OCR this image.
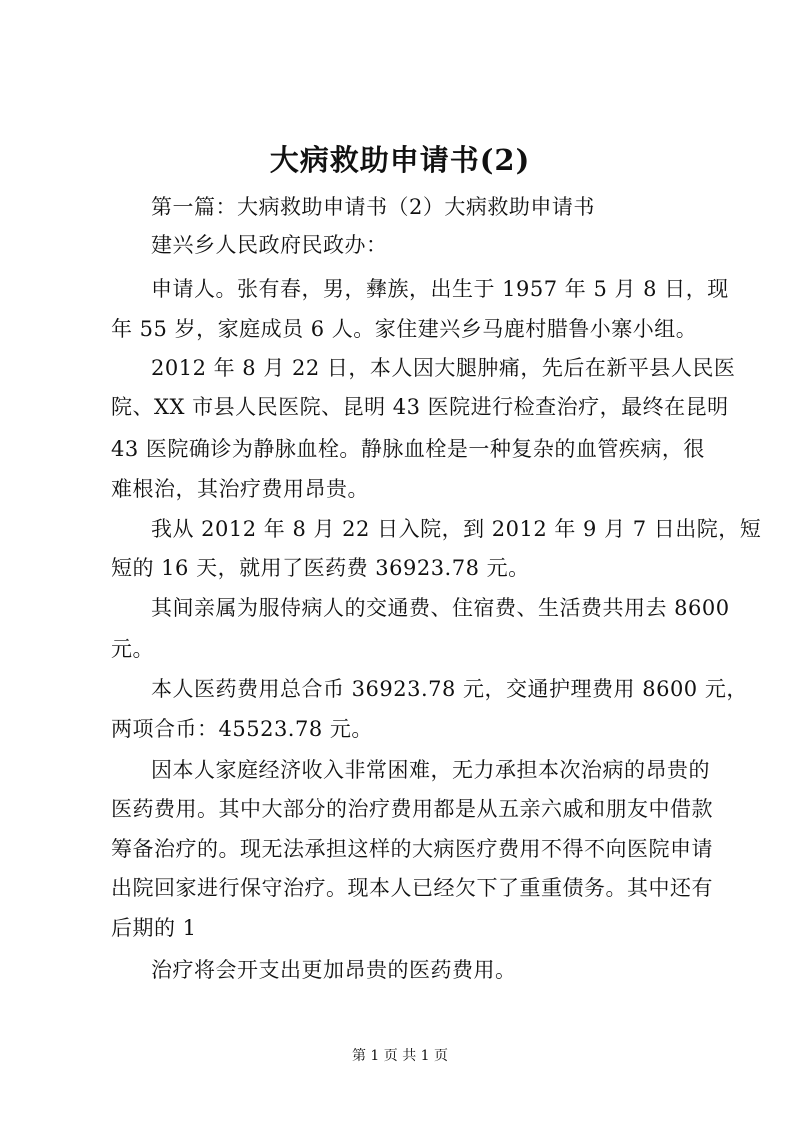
大病救助申请书(2)
第一篇：大病救助申请书（2）大病救助申请书
建兴乡人民政府民政办：
申请人。张有春，男，彝族，出生于 1957 年 5 月 8 日，现
年 55 岁，家庭成员 6 人。家住建兴乡马鹿村腊鲁小寨小组。
2012 年 8 月 22 日，本人因大腿肿痛，先后在新平县人民医
院、XX 市县人民医院、昆明 43 医院进行检查治疗，最终在昆明
43 医院确诊为静脉血栓。静脉血栓是一种复杂的血管疾病，很
难根治，其治疗费用昂贵。
我从 2012 年 8 月 22 日入院，到 2012 年 9 月 7 日出院，短
短的 16 天，就用了医药费 36923.78 元。
其间亲属为服侍病人的交通费、住宿费、生活费共用去 8600
元。
本人医药费用总合币 36923.78 元，交通护理费用 8600 元，
两项合币：45523.78 元。
因本人家庭经济收入非常困难，无力承担本次治病的昂贵的
医药费用。其中大部分的治疗费用都是从五亲六戚和朋友中借款
筹备治疗的。现无法承担这样的大病医疗费用不得不向医院申请
出院回家进行保守治疗。现本人已经欠下了重重债务。其中还有
后期的 1
治疗将会开支出更加昂贵的医药费用。
第 1 页 共 1 页
